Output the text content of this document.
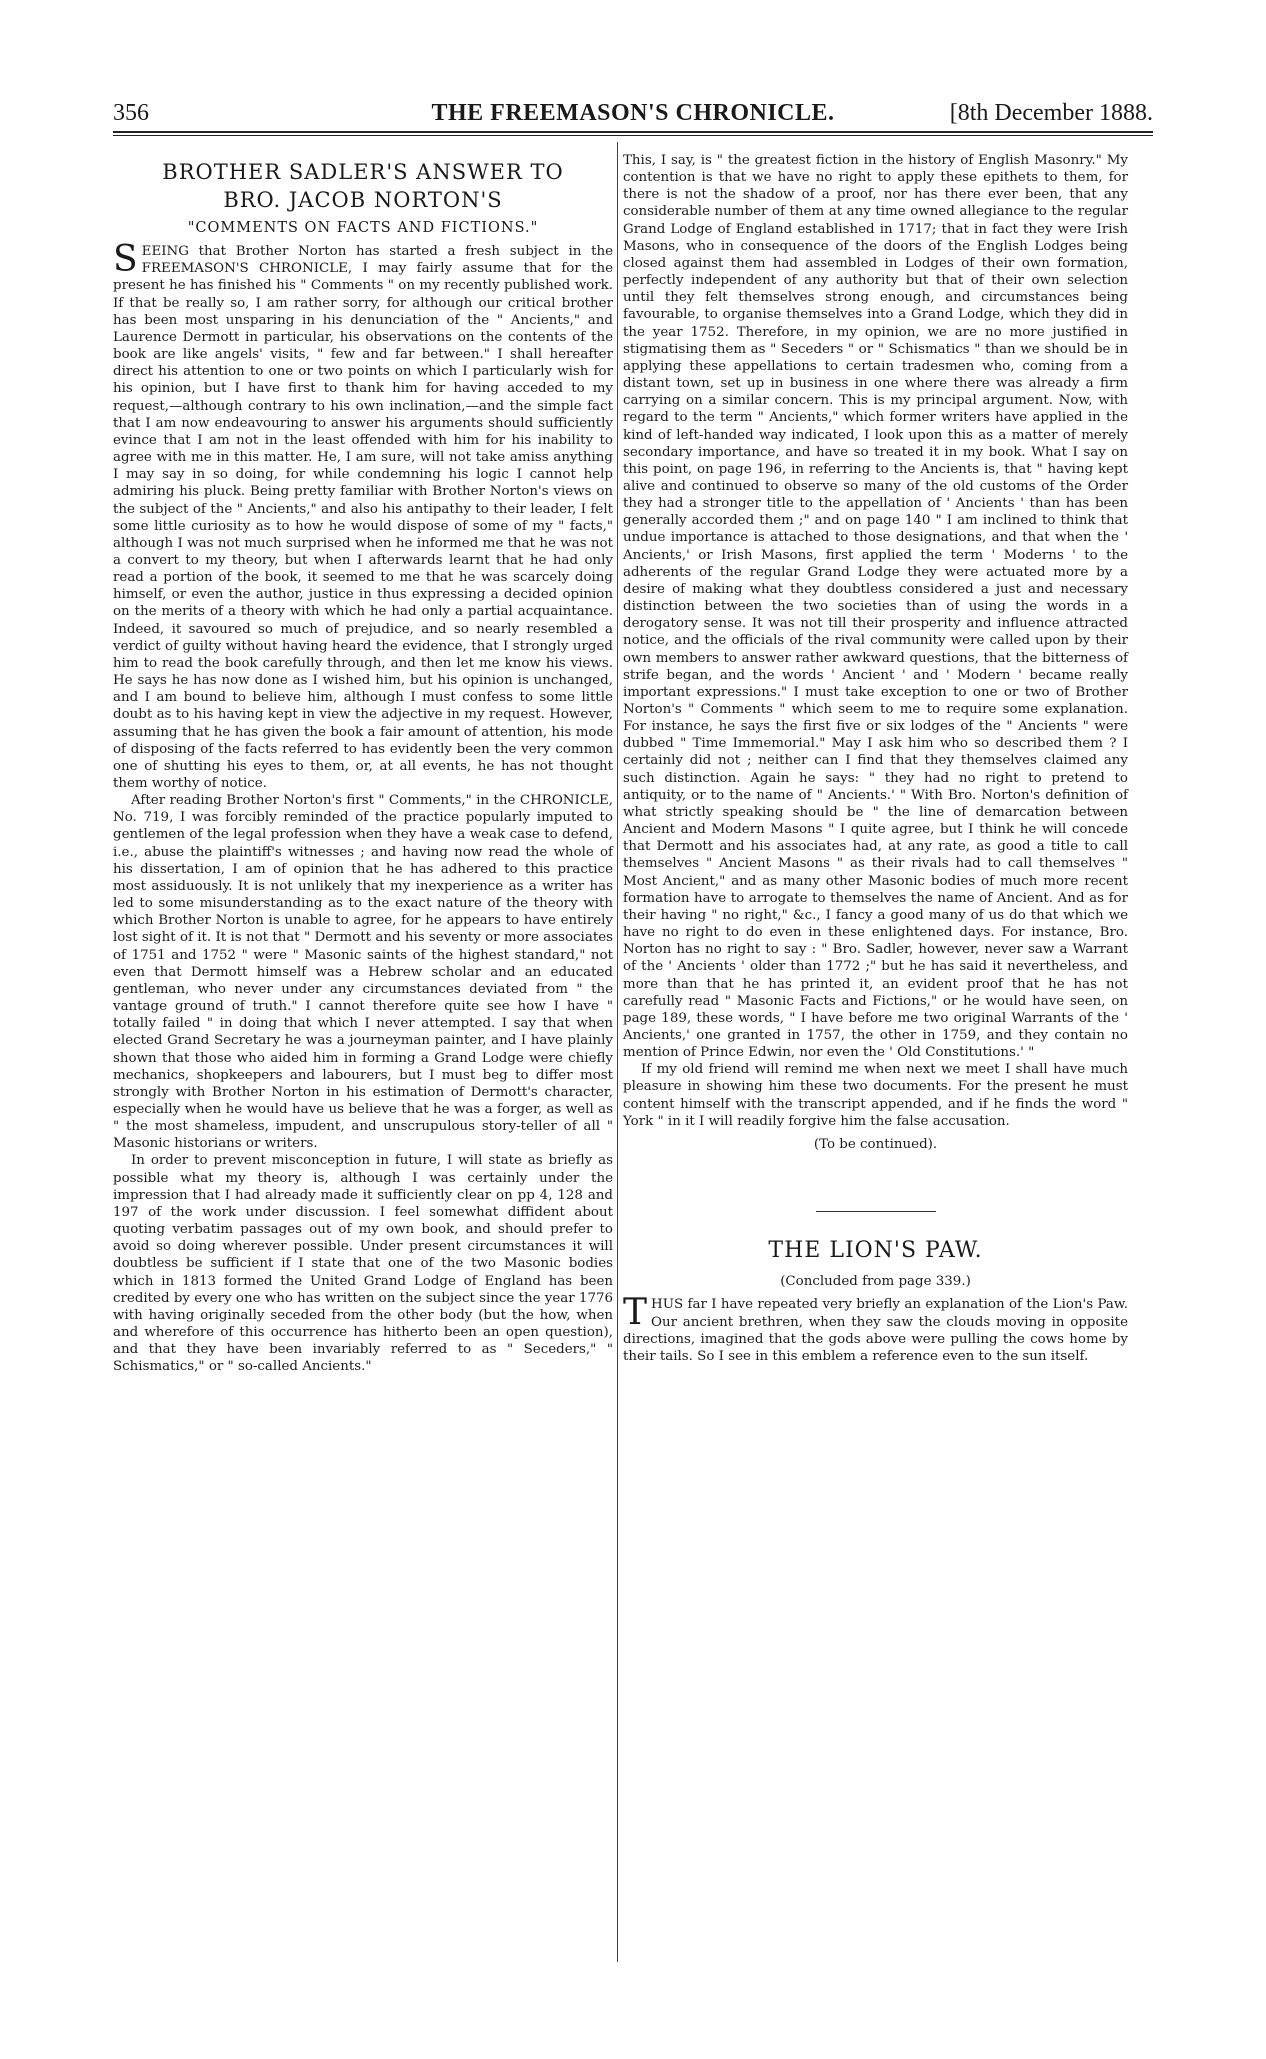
356	THE FREEMASON'S CHRONICLE.	[8th December 1888.
BROTHER SADLER'S ANSWER TO
BRO. JACOB NORTON'S
"COMMENTS ON FACTS AND FICTIONS."

SEEING that Brother Norton has started a fresh subject in the FREEMASON'S CHRONICLE, I may fairly assume that for the present he has finished his " Comments " on my recently published work. If that be really so, I am rather sorry, for although our critical brother has been most unsparing in his denunciation of the " Ancients," and Laurence Dermott in particular, his observations on the contents of the book are like angels' visits, " few and far between." I shall hereafter direct his attention to one or two points on which I particularly wish for his opinion, but I have first to thank him for having acceded to my request,—although contrary to his own inclination,—and the simple fact that I am now endeavouring to answer his arguments should sufficiently evince that I am not in the least offended with him for his inability to agree with me in this matter. He, I am sure, will not take amiss anything I may say in so doing, for while condemning his logic I cannot help admiring his pluck. Being pretty familiar with Brother Norton's views on the subject of the " Ancients," and also his antipathy to their leader, I felt some little curiosity as to how he would dispose of some of my " facts," although I was not much surprised when he informed me that he was not a convert to my theory, but when I afterwards learnt that he had only read a portion of the book, it seemed to me that he was scarcely doing himself, or even the author, justice in thus expressing a decided opinion on the merits of a theory with which he had only a partial acquaintance. Indeed, it savoured so much of prejudice, and so nearly resembled a verdict of guilty without having heard the evidence, that I strongly urged him to read the book carefully through, and then let me know his views. He says he has now done as I wished him, but his opinion is unchanged, and I am bound to believe him, although I must confess to some little doubt as to his having kept in view the adjective in my request. However, assuming that he has given the book a fair amount of attention, his mode of disposing of the facts referred to has evidently been the very common one of shutting his eyes to them, or, at all events, he has not thought them worthy of notice.

After reading Brother Norton's first " Comments," in the CHRONICLE, No. 719, I was forcibly reminded of the practice popularly imputed to gentlemen of the legal profession when they have a weak case to defend, i.e., abuse the plaintiff's witnesses ; and having now read the whole of his dissertation, I am of opinion that he has adhered to this practice most assiduously. It is not unlikely that my inexperience as a writer has led to some misunderstanding as to the exact nature of the theory with which Brother Norton is unable to agree, for he appears to have entirely lost sight of it. It is not that " Dermott and his seventy or more associates of 1751 and 1752 " were " Masonic saints of the highest standard," not even that Dermott himself was a Hebrew scholar and an educated gentleman, who never under any circumstances deviated from " the vantage ground of truth." I cannot therefore quite see how I have " totally failed " in doing that which I never attempted. I say that when elected Grand Secretary he was a journeyman painter, and I have plainly shown that those who aided him in forming a Grand Lodge were chiefly mechanics, shopkeepers and labourers, but I must beg to differ most strongly with Brother Norton in his estimation of Dermott's character, especially when he would have us believe that he was a forger, as well as " the most shameless, impudent, and unscrupulous story-teller of all " Masonic historians or writers.

In order to prevent misconception in future, I will state as briefly as possible what my theory is, although I was certainly under the impression that I had already made it sufficiently clear on pp 4, 128 and 197 of the work under discussion. I feel somewhat diffident about quoting verbatim passages out of my own book, and should prefer to avoid so doing wherever possible. Under present circumstances it will doubtless be sufficient if I state that one of the two Masonic bodies which in 1813 formed the United Grand Lodge of England has been credited by every one who has written on the subject since the year 1776 with having originally seceded from the other body (but the how, when and wherefore of this occurrence has hitherto been an open question), and that they have been invariably referred to as " Seceders," " Schismatics," or " so-called Ancients."

This, I say, is " the greatest fiction in the history of English Masonry." My contention is that we have no right to apply these epithets to them, for there is not the shadow of a proof, nor has there ever been, that any considerable number of them at any time owned allegiance to the regular Grand Lodge of England established in 1717; that in fact they were Irish Masons, who in consequence of the doors of the English Lodges being closed against them had assembled in Lodges of their own formation, perfectly independent of any authority but that of their own selection until they felt themselves strong enough, and circumstances being favourable, to organise themselves into a Grand Lodge, which they did in the year 1752. Therefore, in my opinion, we are no more justified in stigmatising them as " Seceders " or " Schismatics " than we should be in applying these appellations to certain tradesmen who, coming from a distant town, set up in business in one where there was already a firm carrying on a similar concern. This is my principal argument. Now, with regard to the term " Ancients," which former writers have applied in the kind of left-handed way indicated, I look upon this as a matter of merely secondary importance, and have so treated it in my book. What I say on this point, on page 196, in referring to the Ancients is, that " having kept alive and continued to observe so many of the old customs of the Order they had a stronger title to the appellation of ' Ancients ' than has been generally accorded them ;" and on page 140 " I am inclined to think that undue importance is attached to those designations, and that when the ' Ancients,' or Irish Masons, first applied the term ' Moderns ' to the adherents of the regular Grand Lodge they were actuated more by a desire of making what they doubtless considered a just and necessary distinction between the two societies than of using the words in a derogatory sense. It was not till their prosperity and influence attracted notice, and the officials of the rival community were called upon by their own members to answer rather awkward questions, that the bitterness of strife began, and the words ' Ancient ' and ' Modern ' became really important expressions." I must take exception to one or two of Brother Norton's " Comments " which seem to me to require some explanation. For instance, he says the first five or six lodges of the " Ancients " were dubbed " Time Immemorial." May I ask him who so described them ? I certainly did not ; neither can I find that they themselves claimed any such distinction. Again he says: " they had no right to pretend to antiquity, or to the name of " Ancients.' " With Bro. Norton's definition of what strictly speaking should be " the line of demarcation between Ancient and Modern Masons " I quite agree, but I think he will concede that Dermott and his associates had, at any rate, as good a title to call themselves " Ancient Masons " as their rivals had to call themselves " Most Ancient," and as many other Masonic bodies of much more recent formation have to arrogate to themselves the name of Ancient. And as for their having " no right," &c., I fancy a good many of us do that which we have no right to do even in these enlightened days. For instance, Bro. Norton has no right to say : " Bro. Sadler, however, never saw a Warrant of the ' Ancients ' older than 1772 ;" but he has said it nevertheless, and more than that he has printed it, an evident proof that he has not carefully read " Masonic Facts and Fictions," or he would have seen, on page 189, these words, " I have before me two original Warrants of the ' Ancients,' one granted in 1757, the other in 1759, and they contain no mention of Prince Edwin, nor even the ' Old Constitutions.' "

If my old friend will remind me when next we meet I shall have much pleasure in showing him these two documents. For the present he must content himself with the transcript appended, and if he finds the word " York " in it I will readily forgive him the false accusation.

(To be continued).

THE LION'S PAW.
(Concluded from page 339.)

THUS far I have repeated very briefly an explanation of the Lion's Paw. Our ancient brethren, when they saw the clouds moving in opposite directions, imagined that the gods above were pulling the cows home by their tails. So I see in this emblem a reference even to the sun itself.
